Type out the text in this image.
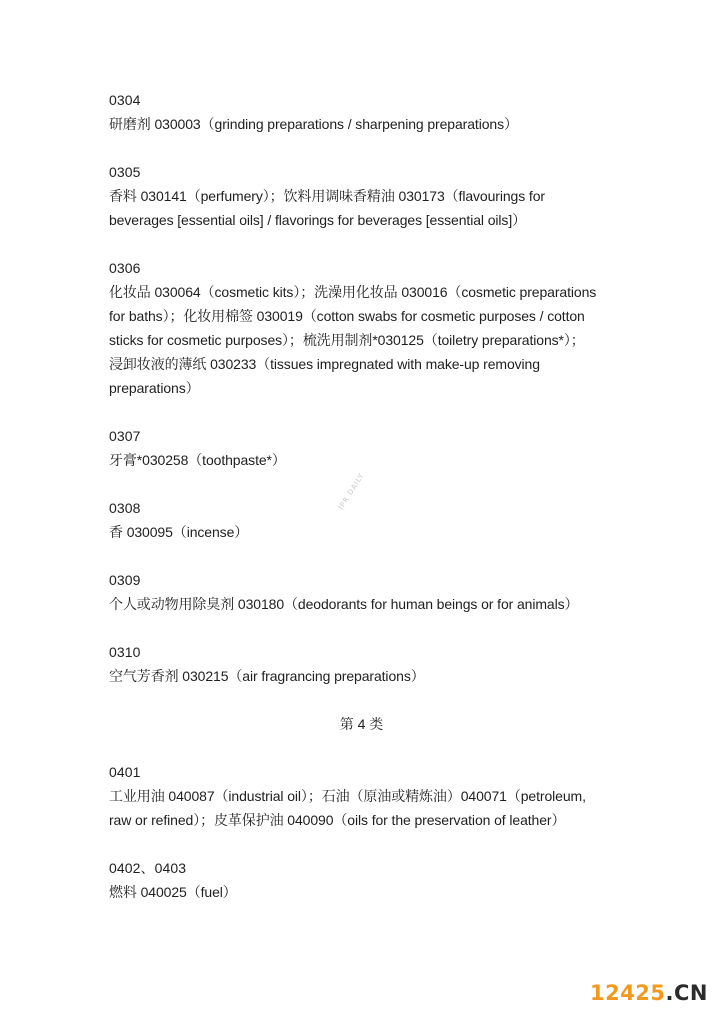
0304
研磨剂 030003（grinding preparations / sharpening preparations）
0305
香料 030141（perfumery）；饮料用调味香精油 030173（flavourings for
beverages [essential oils] / flavorings for beverages [essential oils]）
0306
化妆品 030064（cosmetic kits）；洗澡用化妆品 030016（cosmetic preparations
for baths）；化妆用棉签 030019（cotton swabs for cosmetic purposes / cotton
sticks for cosmetic purposes）；梳洗用制剂*030125（toiletry preparations*）；
浸卸妆液的薄纸 030233（tissues impregnated with make-up removing
preparations）
0307
牙膏*030258（toothpaste*）
0308
香 030095（incense）
0309
个人或动物用除臭剂 030180（deodorants for human beings or for animals）
0310
空气芳香剂 030215（air fragrancing preparations）
第 4 类
0401
工业用油 040087（industrial oil）；石油（原油或精炼油）040071（petroleum,
raw or refined）；皮革保护油 040090（oils for the preservation of leather）
0402、0403
燃料 040025（fuel）
IPR DAILY
12425.CN
